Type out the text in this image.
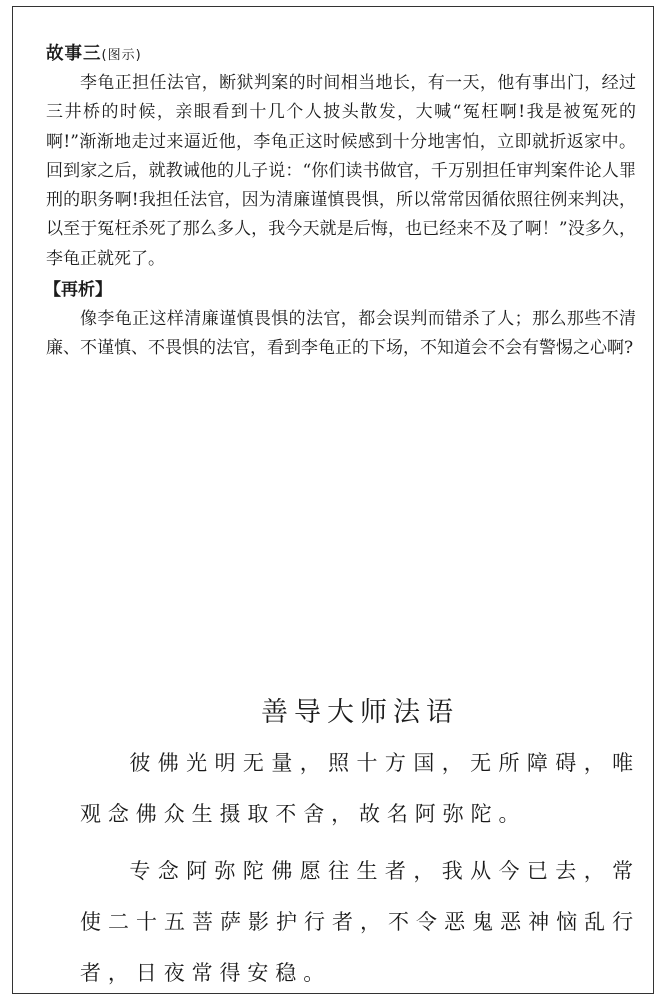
故事三(图示)

李龟正担任法官，断狱判案的时间相当地长，有一天，他有事出门，经过三井桥的时候，亲眼看到十几个人披头散发，大喊“冤枉啊!我是被冤死的啊!”渐渐地走过来逼近他，李龟正这时候感到十分地害怕，立即就折返家中。回到家之后，就教诫他的儿子说：“你们读书做官，千万别担任审判案件论人罪刑的职务啊!我担任法官，因为清廉谨慎畏惧，所以常常因循依照往例来判决，以至于冤枉杀死了那么多人，我今天就是后悔，也已经来不及了啊！”没多久，李龟正就死了。

【再析】

像李龟正这样清廉谨慎畏惧的法官，都会误判而错杀了人；那么那些不清廉、不谨慎、不畏惧的法官，看到李龟正的下场，不知道会不会有警惕之心啊?

善导大师法语

彼佛光明无量，照十方国，无所障碍，唯观念佛众生摄取不舍，故名阿弥陀。

专念阿弥陀佛愿往生者，我从今已去，常使二十五菩萨影护行者，不令恶鬼恶神恼乱行者，日夜常得安稳。
